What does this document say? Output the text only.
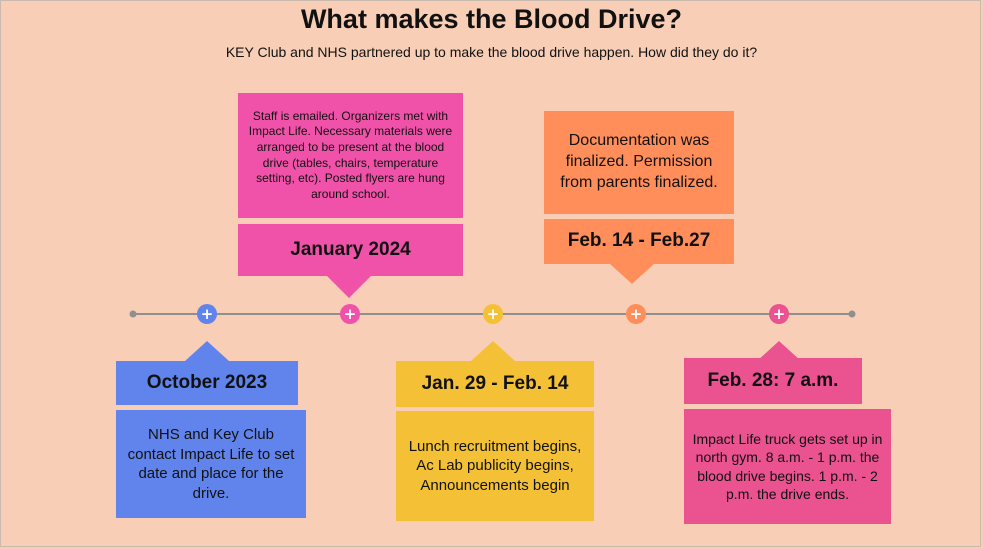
What makes the Blood Drive?
KEY Club and NHS partnered up to make the blood drive happen. How did they do it?
+	+	+	+	+
October 2023
NHS and Key Club contact Impact Life to set date and place for the drive.
Staff is emailed. Organizers met with Impact Life. Necessary materials were arranged to be present at the blood drive (tables, chairs, temperature setting, etc). Posted flyers are hung around school.
January 2024
Jan. 29 - Feb. 14
Lunch recruitment begins, Ac Lab publicity begins, Announcements begin
Documentation was finalized. Permission from parents finalized.
Feb. 14 - Feb.27
Feb. 28: 7 a.m.
Impact Life truck gets set up in north gym. 8 a.m. - 1 p.m. the blood drive begins. 1 p.m. - 2 p.m. the drive ends.
